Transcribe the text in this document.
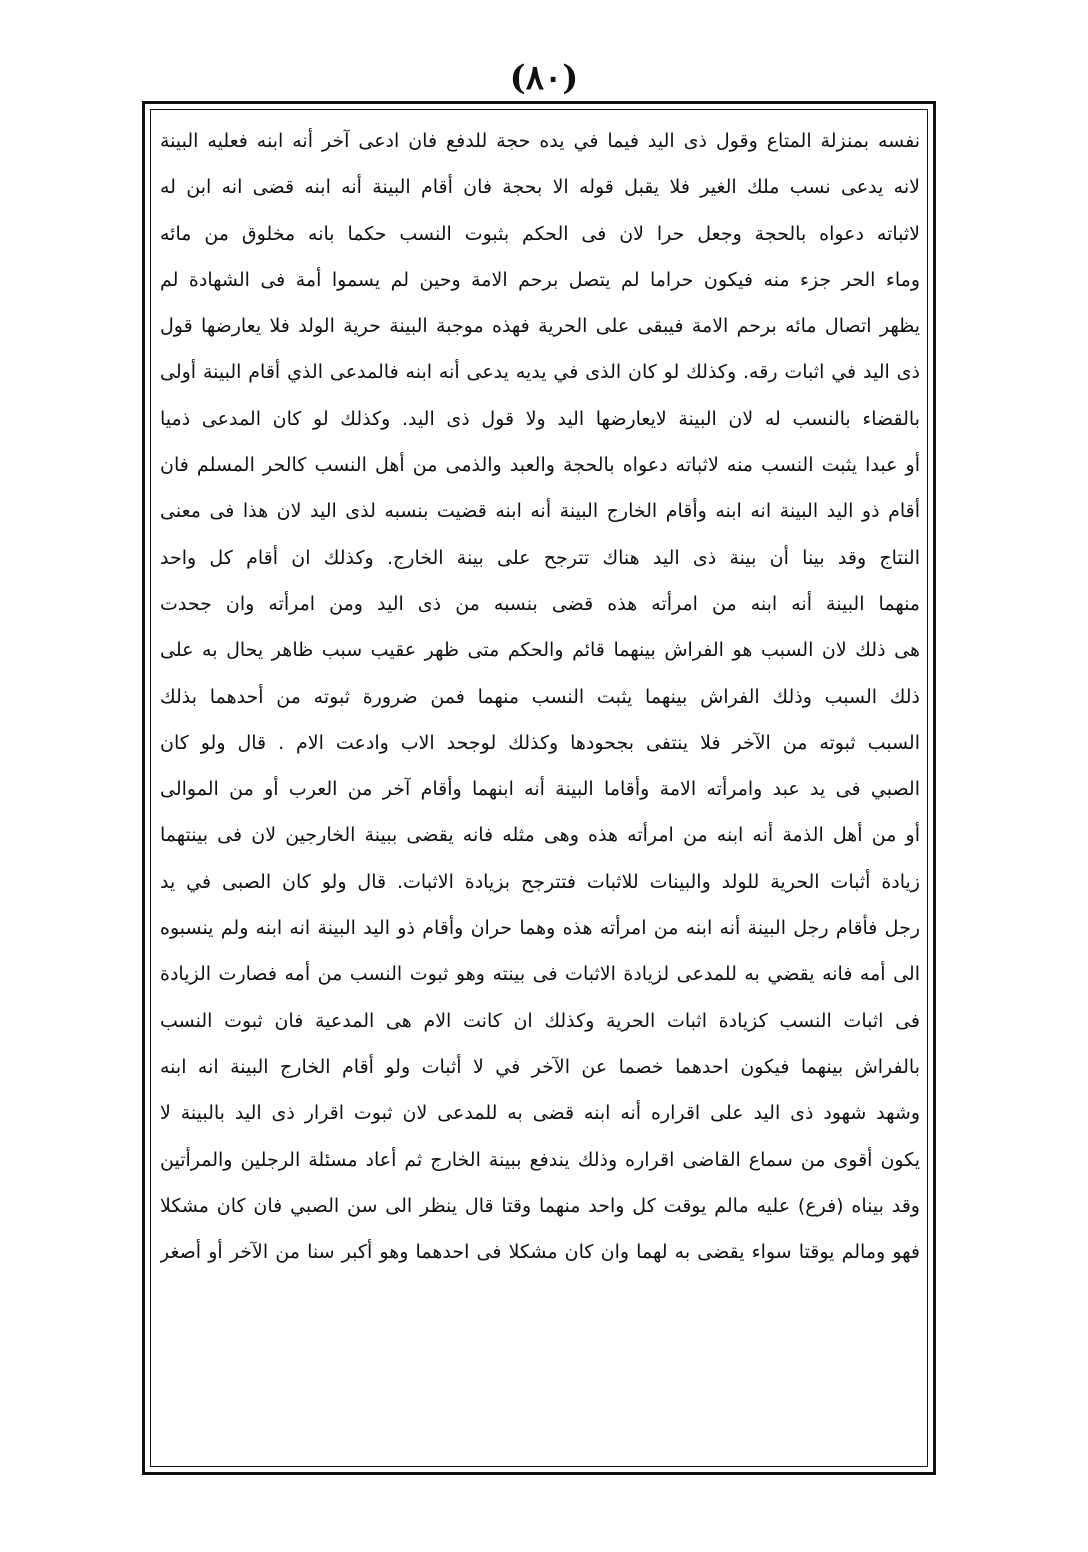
(٨٠)
نفسه بمنزلة المتاع وقول ذى اليد فيما في يده حجة للدفع فان ادعى آخر أنه ابنه فعليه البينة
لانه يدعى نسب ملك الغير فلا يقبل قوله الا بحجة فان أقام البينة أنه ابنه قضى انه ابن له
لاثباته دعواه بالحجة وجعل حرا لان فى الحكم بثبوت النسب حكما بانه مخلوق من مائه
وماء الحر جزء منه فيكون حراما لم يتصل برحم الامة وحين لم يسموا أمة فى الشهادة لم
يظهر اتصال مائه برحم الامة فيبقى على الحرية فهذه موجبة البينة حرية الولد فلا يعارضها قول
ذى اليد في اثبات رقه. وكذلك لو كان الذى في يديه يدعى أنه ابنه فالمدعى الذي أقام البينة أولى
بالقضاء بالنسب له لان البينة لايعارضها اليد ولا قول ذى اليد. وكذلك لو كان المدعى ذميا
أو عبدا يثبت النسب منه لاثباته دعواه بالحجة والعبد والذمى من أهل النسب كالحر المسلم فان
أقام ذو اليد البينة انه ابنه وأقام الخارج البينة أنه ابنه قضيت بنسبه لذى اليد لان هذا فى معنى
النتاج وقد بينا أن بينة ذى اليد هناك تترجح على بينة الخارج. وكذلك ان أقام كل واحد
منهما البينة أنه ابنه من امرأته هذه قضى بنسبه من ذى اليد ومن امرأته وان جحدت
هى ذلك لان السبب هو الفراش بينهما قائم والحكم متى ظهر عقيب سبب ظاهر يحال به على
ذلك السبب وذلك الفراش بينهما يثبت النسب منهما فمن ضرورة ثبوته من أحدهما بذلك
السبب ثبوته من الآخر فلا ينتفى بجحودها وكذلك لوجحد الاب وادعت الام . قال ولو كان
الصبي فى يد عبد وامرأته الامة وأقاما البينة أنه ابنهما وأقام آخر من العرب أو من الموالى
أو من أهل الذمة أنه ابنه من امرأته هذه وهى مثله فانه يقضى ببينة الخارجين لان فى بينتهما
زيادة أثبات الحرية للولد والبينات للاثبات فتترجح بزيادة الاثبات. قال ولو كان الصبى في يد
رجل فأقام رجل البينة أنه ابنه من امرأته هذه وهما حران وأقام ذو اليد البينة انه ابنه ولم ينسبوه
الى أمه فانه يقضي به للمدعى لزيادة الاثبات فى بينته وهو ثبوت النسب من أمه فصارت الزيادة
فى اثبات النسب كزيادة اثبات الحرية وكذلك ان كانت الام هى المدعية فان ثبوت النسب
بالفراش بينهما فيكون احدهما خصما عن الآخر في لا أثبات ولو أقام الخارج البينة انه ابنه
وشهد شهود ذى اليد على اقراره أنه ابنه قضى به للمدعى لان ثبوت اقرار ذى اليد بالبينة لا
يكون أقوى من سماع القاضى اقراره وذلك يندفع ببينة الخارج ثم أعاد مسئلة الرجلين والمرأتين
وقد بيناه (فرع) عليه مالم يوقت كل واحد منهما وقتا قال ينظر الى سن الصبي فان كان مشكلا
فهو ومالم يوقتا سواء يقضى به لهما وان كان مشكلا فى احدهما وهو أكبر سنا من الآخر أو أصغر
